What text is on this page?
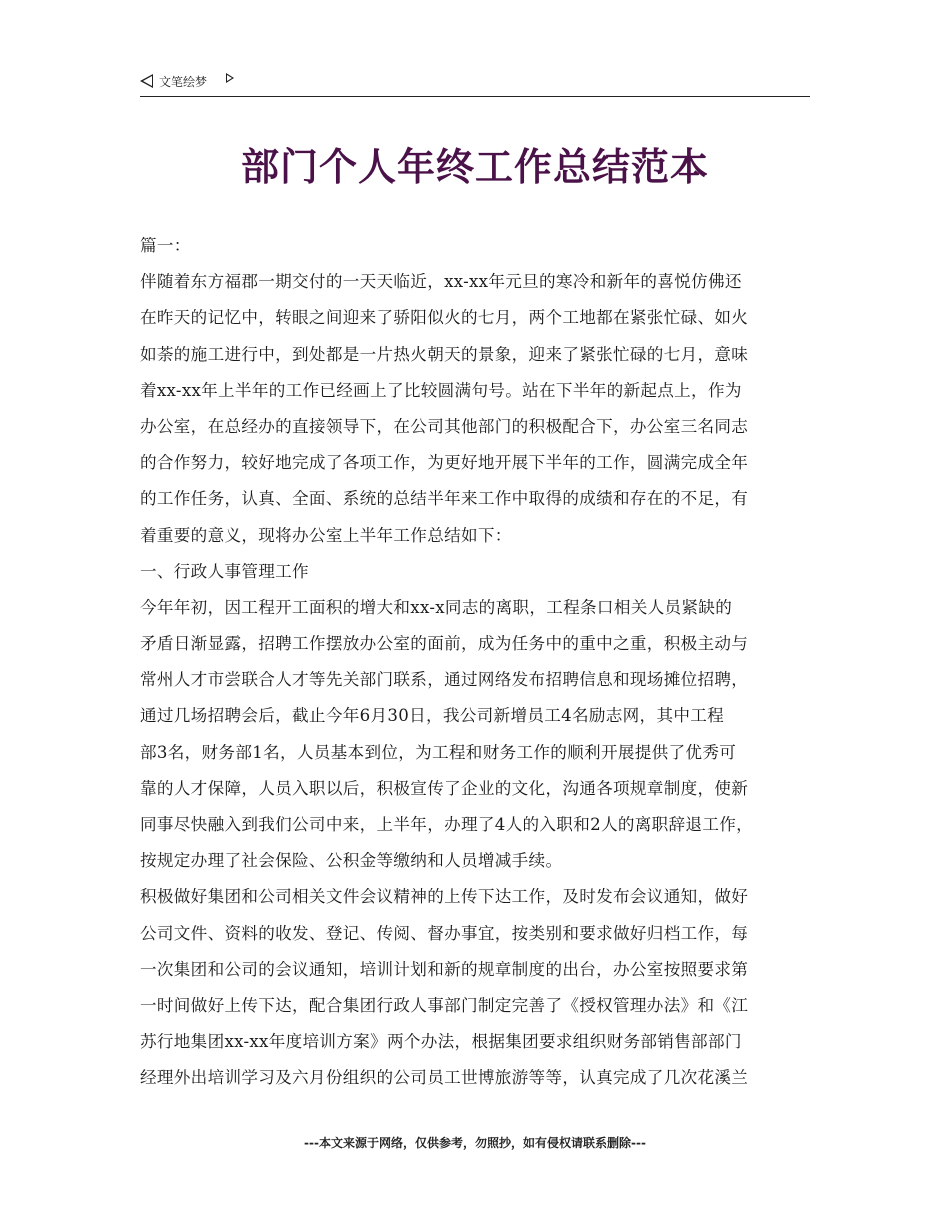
文笔绘梦
部门个人年终工作总结范本
篇一：
伴随着东方福郡一期交付的一天天临近，xx-xx年元旦的寒冷和新年的喜悦仿佛还
在昨天的记忆中，转眼之间迎来了骄阳似火的七月，两个工地都在紧张忙碌、如火
如荼的施工进行中，到处都是一片热火朝天的景象，迎来了紧张忙碌的七月，意味
着xx-xx年上半年的工作已经画上了比较圆满句号。站在下半年的新起点上，作为
办公室，在总经办的直接领导下，在公司其他部门的积极配合下，办公室三名同志
的合作努力，较好地完成了各项工作，为更好地开展下半年的工作，圆满完成全年
的工作任务，认真、全面、系统的总结半年来工作中取得的成绩和存在的不足，有
着重要的意义，现将办公室上半年工作总结如下：
一、行政人事管理工作
今年年初，因工程开工面积的增大和xx-x同志的离职，工程条口相关人员紧缺的
矛盾日渐显露，招聘工作摆放办公室的面前，成为任务中的重中之重，积极主动与
常州人才市尝联合人才等先关部门联系，通过网络发布招聘信息和现场摊位招聘，
通过几场招聘会后，截止今年6月30日，我公司新增员工4名励志网，其中工程
部3名，财务部1名，人员基本到位，为工程和财务工作的顺利开展提供了优秀可
靠的人才保障，人员入职以后，积极宣传了企业的文化，沟通各项规章制度，使新
同事尽快融入到我们公司中来，上半年，办理了4人的入职和2人的离职辞退工作，
按规定办理了社会保险、公积金等缴纳和人员增减手续。
积极做好集团和公司相关文件会议精神的上传下达工作，及时发布会议通知，做好
公司文件、资料的收发、登记、传阅、督办事宜，按类别和要求做好归档工作，每
一次集团和公司的会议通知，培训计划和新的规章制度的出台，办公室按照要求第
一时间做好上传下达，配合集团行政人事部门制定完善了《授权管理办法》和《江
苏行地集团xx-xx年度培训方案》两个办法，根据集团要求组织财务部销售部部门
经理外出培训学习及六月份组织的公司员工世博旅游等等，认真完成了几次花溪兰
---本文来源于网络，仅供参考，勿照抄，如有侵权请联系删除---
